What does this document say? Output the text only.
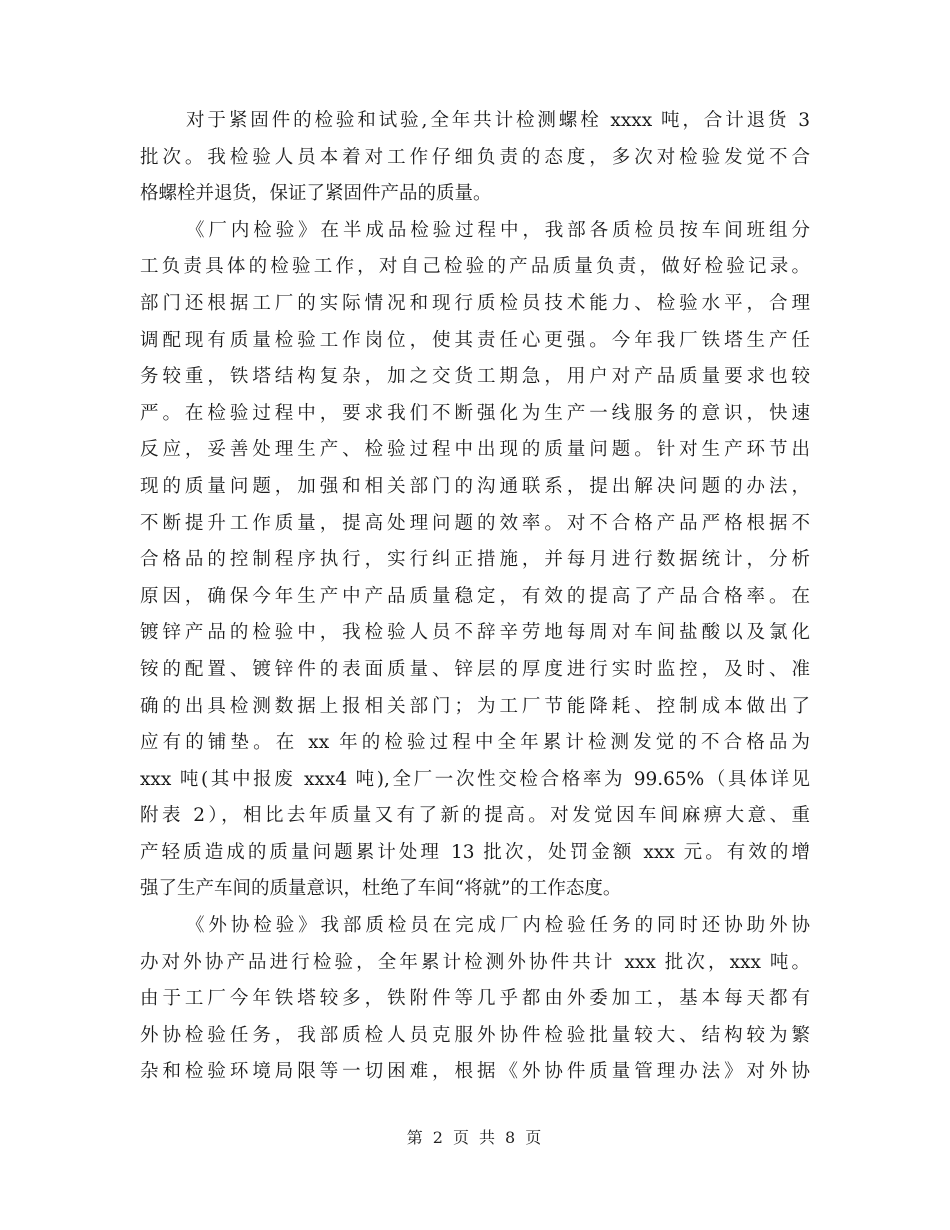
对于紧固件的检验和试验,全年共计检测螺栓 xxxx 吨，合计退货 3
批次。我检验人员本着对工作仔细负责的态度，多次对检验发觉不合
格螺栓并退货，保证了紧固件产品的质量。
《厂内检验》在半成品检验过程中，我部各质检员按车间班组分
工负责具体的检验工作，对自己检验的产品质量负责，做好检验记录。
部门还根据工厂的实际情况和现行质检员技术能力、检验水平，合理
调配现有质量检验工作岗位，使其责任心更强。今年我厂铁塔生产任
务较重，铁塔结构复杂，加之交货工期急，用户对产品质量要求也较
严。在检验过程中，要求我们不断强化为生产一线服务的意识，快速
反应，妥善处理生产、检验过程中出现的质量问题。针对生产环节出
现的质量问题，加强和相关部门的沟通联系，提出解决问题的办法，
不断提升工作质量，提高处理问题的效率。对不合格产品严格根据不
合格品的控制程序执行，实行纠正措施，并每月进行数据统计，分析
原因，确保今年生产中产品质量稳定，有效的提高了产品合格率。在
镀锌产品的检验中，我检验人员不辞辛劳地每周对车间盐酸以及氯化
铵的配置、镀锌件的表面质量、锌层的厚度进行实时监控，及时、准
确的出具检测数据上报相关部门；为工厂节能降耗、控制成本做出了
应有的铺垫。在 xx 年的检验过程中全年累计检测发觉的不合格品为
xxx 吨(其中报废 xxx4 吨),全厂一次性交检合格率为 99.65%（具体详见
附表 2），相比去年质量又有了新的提高。对发觉因车间麻痹大意、重
产轻质造成的质量问题累计处理 13 批次，处罚金额 xxx 元。有效的增
强了生产车间的质量意识，杜绝了车间“将就”的工作态度。
《外协检验》我部质检员在完成厂内检验任务的同时还协助外协
办对外协产品进行检验，全年累计检测外协件共计 xxx 批次，xxx 吨。
由于工厂今年铁塔较多，铁附件等几乎都由外委加工，基本每天都有
外协检验任务，我部质检人员克服外协件检验批量较大、结构较为繁
杂和检验环境局限等一切困难，根据《外协件质量管理办法》对外协
第 2 页 共 8 页
